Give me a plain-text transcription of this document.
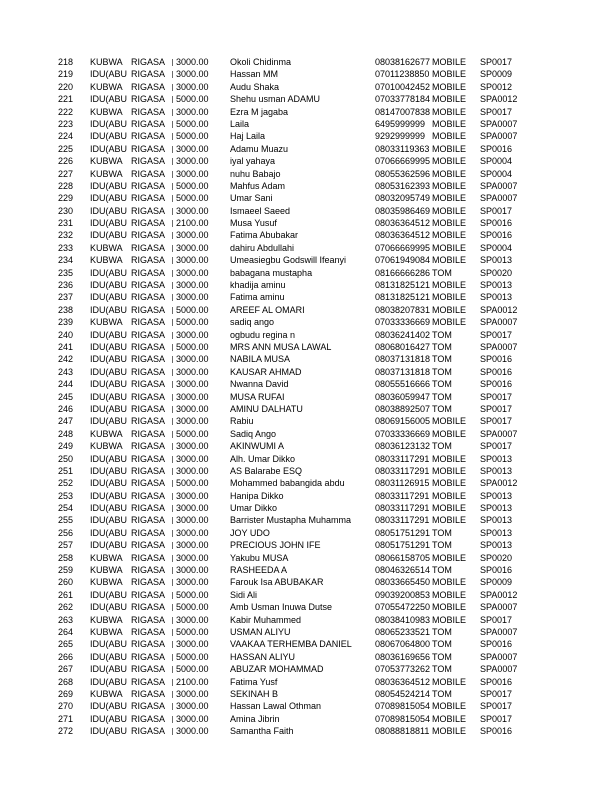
218 KUBWA RIGASA	3000.00 Okoli Chidinma	08038162677 MOBILE SP0017
219 IDU(ABU RIGASA	3000.00 Hassan MM	07011238850 MOBILE SP0009
220 KUBWA RIGASA	3000.00 Audu Shaka	07010042452 MOBILE SP0012
221 IDU(ABU RIGASA	5000.00 Shehu usman ADAMU	07033778184 MOBILE SPA0012
222 KUBWA RIGASA	3000.00 Ezra M jagaba	08147007838 MOBILE SP0017
223 IDU(ABU RIGASA	5000.00 Laila	6495999999 MOBILE SPA0007
224 IDU(ABU RIGASA	5000.00 Haj Laila	9292999999 MOBILE SPA0007
225 IDU(ABU RIGASA	3000.00 Adamu Muazu	08033119363 MOBILE SP0016
226 KUBWA RIGASA	3000.00 iyal yahaya	07066669995 MOBILE SP0004
227 KUBWA RIGASA	3000.00 nuhu Babajo	08055362596 MOBILE SP0004
228 IDU(ABU RIGASA	5000.00 Mahfus Adam	08053162393 MOBILE SPA0007
229 IDU(ABU RIGASA	5000.00 Umar Sani	08032095749 MOBILE SPA0007
230 IDU(ABU RIGASA	3000.00 Ismaeel Saeed	08035986469 MOBILE SP0017
231 IDU(ABU RIGASA	2100.00 Musa Yusuf	08036364512 MOBILE SP0016
232 IDU(ABU RIGASA	3000.00 Fatima Abubakar	08036364512 MOBILE SP0016
233 KUBWA RIGASA	3000.00 dahiru Abdullahi	07066669995 MOBILE SP0004
234 KUBWA RIGASA	3000.00 Umeasiegbu Godswill Ifeanyi	07061949084 MOBILE SP0013
235 IDU(ABU RIGASA	3000.00 babagana mustapha	08166666286 TOM	SP0020
236 IDU(ABU RIGASA	3000.00 khadija aminu	08131825121 MOBILE SP0013
237 IDU(ABU RIGASA	3000.00 Fatima aminu	08131825121 MOBILE SP0013
238 IDU(ABU RIGASA	5000.00 AREEF AL OMARI	08038207831 MOBILE SPA0012
239 KUBWA RIGASA	5000.00 sadiq ango	07033336669 MOBILE SPA0007
240 IDU(ABU RIGASA	3000.00 ogbudu regina n	08036241402 TOM	SP0017
241 IDU(ABU RIGASA	5000.00 MRS ANN MUSA LAWAL	08068016427 TOM	SPA0007
242 IDU(ABU RIGASA	3000.00 NABILA MUSA	08037131818 TOM	SP0016
243 IDU(ABU RIGASA	3000.00 KAUSAR AHMAD	08037131818 TOM	SP0016
244 IDU(ABU RIGASA	3000.00 Nwanna David	08055516666 TOM	SP0016
245 IDU(ABU RIGASA	3000.00 MUSA RUFAI	08036059947 TOM	SP0017
246 IDU(ABU RIGASA	3000.00 AMINU DALHATU	08038892507 TOM	SP0017
247 IDU(ABU RIGASA	3000.00 Rabiu	08069156005 MOBILE SP0017
248 KUBWA RIGASA	5000.00 Sadiq Ango	07033336669 MOBILE SPA0007
249 KUBWA RIGASA	3000.00 AKINWUMI A	08036123132 TOM	SP0017
250 IDU(ABU RIGASA	3000.00 Alh. Umar Dikko	08033117291 MOBILE SP0013
251 IDU(ABU RIGASA	3000.00 AS Balarabe ESQ	08033117291 MOBILE SP0013
252 IDU(ABU RIGASA	5000.00 Mohammed babangida abdu	08031126915 MOBILE SPA0012
253 IDU(ABU RIGASA	3000.00 Hanipa Dikko	08033117291 MOBILE SP0013
254 IDU(ABU RIGASA	3000.00 Umar Dikko	08033117291 MOBILE SP0013
255 IDU(ABU RIGASA	3000.00 Barrister Mustapha Muhamma	08033117291 MOBILE SP0013
256 IDU(ABU RIGASA	3000.00 JOY UDO	08051751291 TOM	SP0013
257 IDU(ABU RIGASA	3000.00 PRECIOUS JOHN IFE	08051751291 TOM	SP0013
258 KUBWA RIGASA	3000.00 Yakubu MUSA	08066158705 MOBILE SP0020
259 KUBWA RIGASA	3000.00 RASHEEDA A	08046326514 TOM	SP0016
260 KUBWA RIGASA	3000.00 Farouk Isa ABUBAKAR	08033665450 MOBILE SP0009
261 IDU(ABU RIGASA	5000.00 Sidi Ali	09039200853 MOBILE SPA0012
262 IDU(ABU RIGASA	5000.00 Amb Usman Inuwa Dutse	07055472250 MOBILE SPA0007
263 KUBWA RIGASA	3000.00 Kabir Muhammed	08038410983 MOBILE SP0017
264 KUBWA RIGASA	5000.00 USMAN ALIYU	08065233521 TOM	SPA0007
265 IDU(ABU RIGASA	3000.00 VAAKAA TERHEMBA DANIEL	08067064800 TOM	SP0016
266 IDU(ABU RIGASA	5000.00 HASSAN ALIYU	08036169656 TOM	SPA0007
267 IDU(ABU RIGASA	5000.00 ABUZAR MOHAMMAD	07053773262 TOM	SPA0007
268 IDU(ABU RIGASA	2100.00 Fatima Yusf	08036364512 MOBILE SP0016
269 KUBWA RIGASA	3000.00 SEKINAH B	08054524214 TOM	SP0017
270 IDU(ABU RIGASA	3000.00 Hassan Lawal Othman	07089815054 MOBILE SP0017
271 IDU(ABU RIGASA	3000.00 Amina Jibrin	07089815054 MOBILE SP0017
272 IDU(ABU RIGASA	3000.00 Samantha Faith	08088818811 MOBILE SP0016
